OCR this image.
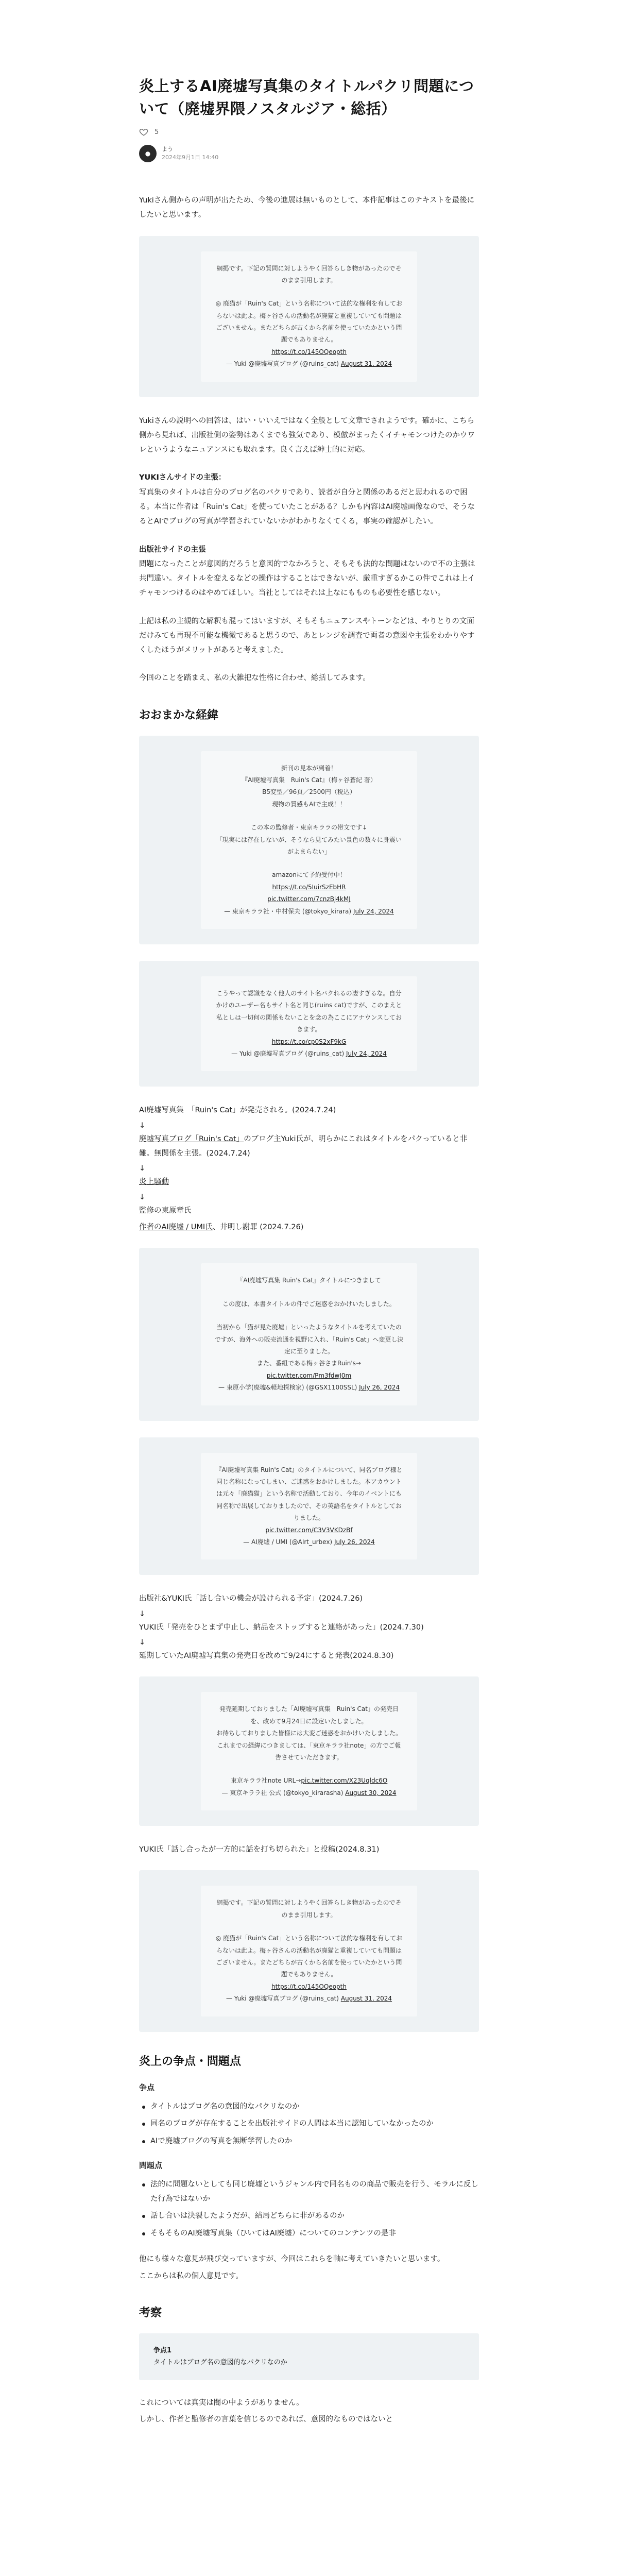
炎上するAI廃墟写真集のタイトルパクリ問題について（廃墟界隈ノスタルジア・総括）
5
●
よう
2024年9月1日 14:40

Yukiさん側からの声明が出たため、今後の進展は無いものとして、本件記事はこのテキストを最後にしたいと思います。

網掲です。下記の質問に対しようやく回答らしき物があったのでそのまま引用します。
◎ 廃猫が「Ruin's Cat」という名称について法的な権利を有しておらないは此よ。梅ヶ谷さんの活動名が廃猫と重複していても問題はございません。またどちらが古くから名前を使っていたかという問題でもありません。
https://t.co/145OQeopth
— Yuki @廃墟写真ブログ (@ruins_cat) August 31, 2024

Yukiさんの説明への回答は、はい・いいえではなく全般として文章でされようです。確かに、こちら側から見れば、出版社側の姿勢はあくまでも強気であり、模倣がまったくイチャモンつけたのかウワレというようなニュアンスにも取れます。良く言えば紳士的に対応。

YUKIさんサイドの主張：

写真集のタイトルは自分のブログ名のパクリであり、読者が自分と関係のあるだと思われるので困る。本当に作者は「Ruin's Cat」を使っていたことがある？しかも内容はAI廃墟画像なので、そうなるとAIでブログの写真が学習されていないかがわかりなくてくる，事実の確認がしたい。

出版社サイドの主張

問題になったことが意図的だろうと意図的でなかろうと、そもそも法的な問題はないので不の主張は共門違い。タイトルを変えるなどの操作はすることはできないが、厳重すぎるかこの件でこれは上イチャモンつけるのはやめてほしい。当社としてはそれは上なにもものも必要性を感じない。

上記は私の主観的な解釈も混ってはいますが、そもそもニュアンスやトーンなどは、やりとりの文面だけみても再現不可能な機微であると思うので、あとレンジを調査で両者の意図や主張をわかりやすくしたほうがメリットがあると考えました。

今回のことを踏まえ、私の大雑把な性格に合わせ、総括してみます。

おおまかな経緯
新刊の見本が到着！
『AI廃墟写真集　Ruin's Cat』（梅ヶ谷蒼紀 著）
B5変型／96頁／2500円（税込）
現物の質感もAIで主成！！
この本の監修者・東京キララの帯文です↓
「現実には存在しないが、そうなら見てみたい景色の数々に身震いがよまらない」
amazonにて予約受付中！
https://t.co/5IuirSzEbHR
pic.twitter.com/7cnzBj4kMJ
— 東京キララ社・中村保夫 (@tokyo_kirara) July 24, 2024
こうやって認識をなく他人のサイト名パクれるの凄すぎるな。自分かけのユーザー名もサイト名と同じ(ruins cat)ですが、このまえと私としは一切何の関係もないことを念の為ここにアナウンスしておきます。
https://t.co/cp0S2xF9kG
— Yuki @廃墟写真ブログ (@ruins_cat) July 24, 2024

AI廃墟写真集　「Ruin's Cat」が発売される。(2024.7.24)

↓

廃墟写真ブログ「Ruin's Cat」のブログ主Yuki氏が、明らかにこれはタイトルをパクっていると非難。無関係を主張。(2024.7.24)

↓

炎上騒動

↓

監修の東原章氏

作者のAI廃墟 / UMI氏、井明し謝罪 (2024.7.26)

『AI廃墟写真集 Ruin's Cat』タイトルにつきまして
この度は、本書タイトルの件でご迷惑をおかけいたしました。
当初から「猫が見た廃墟」といったようなタイトルを考えていたのですが、海外への販売流通を視野に入れ、「Ruin's Cat」へ変更し決定に至りました。
また、番組である梅ヶ谷さまRuin's→
pic.twitter.com/Pm3fdwJ0m
— 東原小学(廃墟&軽地探検家) (@GSX1100SSL) July 26, 2024
『AI廃墟写真集 Ruin's Cat』のタイトルについて、同名ブログ様と同じ名称になってしまい、ご迷惑をおかけしました。本アカウントは元々「廃猫猫」という名称で活動しており、今年のイベントにも同名称で出展しておりましたので、その英語名をタイトルとしておりました。
pic.twitter.com/C3V3VKDzBf
— AI廃墟 / UMI (@AIrt_urbex) July 26, 2024

出版社&YUKI氏「話し合いの機会が設けられる予定」(2024.7.26)

↓

YUKI氏「発売をひとまず中止し、納品をストップすると連絡があった」(2024.7.30)

↓

延期していたAI廃墟写真集の発売日を改めて9/24にすると発表(2024.8.30)

発売延期しておりました「AI廃墟写真集　Ruin's Cat」の発売日を、改めて9月24日に設定いたしました。
お待ちしておりました皆様には大変ご迷惑をおかけいたしました。
これまでの経緯につきましては、「東京キララ社note」の方でご報告させていただきます。
東京キララ社note URL→pic.twitter.com/X23Uqldc6O
— 東京キララ社 公式 (@tokyo_kirarasha) August 30, 2024

YUKI氏「話し合ったが一方的に話を打ち切られた」と投稿(2024.8.31)

網掲です。下記の質問に対しようやく回答らしき物があったのでそのまま引用します。
◎ 廃猫が「Ruin's Cat」という名称について法的な権利を有しておらないは此よ。梅ヶ谷さんの活動名が廃猫と重複していても問題はございません。またどちらが古くから名前を使っていたかという問題でもありません。
https://t.co/145OQeopth
— Yuki @廃墟写真ブログ (@ruins_cat) August 31, 2024
炎上の争点・問題点
争点
タイトルはブログ名の意図的なパクリなのか
同名のブログが存在することを出版社サイドの人間は本当に認知していなかったのか
AIで廃墟ブログの写真を無断学習したのか
問題点
法的に問題ないとしても同じ廃墟というジャンル内で同名ものの商品で販売を行う、モラルに反した行為ではないか
話し合いは決裂したようだが、結局どちらに非があるのか
そもそものAI廃墟写真集（ひいてはAI廃墟）についてのコンテンツの是非

他にも様々な意見が飛び交っていますが、今回はこれらを軸に考えていきたいと思います。

ここからは私の個人意見です。

考察
争点1
タイトルはブログ名の意図的なパクリなのか

これについては真実は闇の中ようがありません。

しかし、作者と監修者の言葉を信じるのであれば、意図的なものではないと
